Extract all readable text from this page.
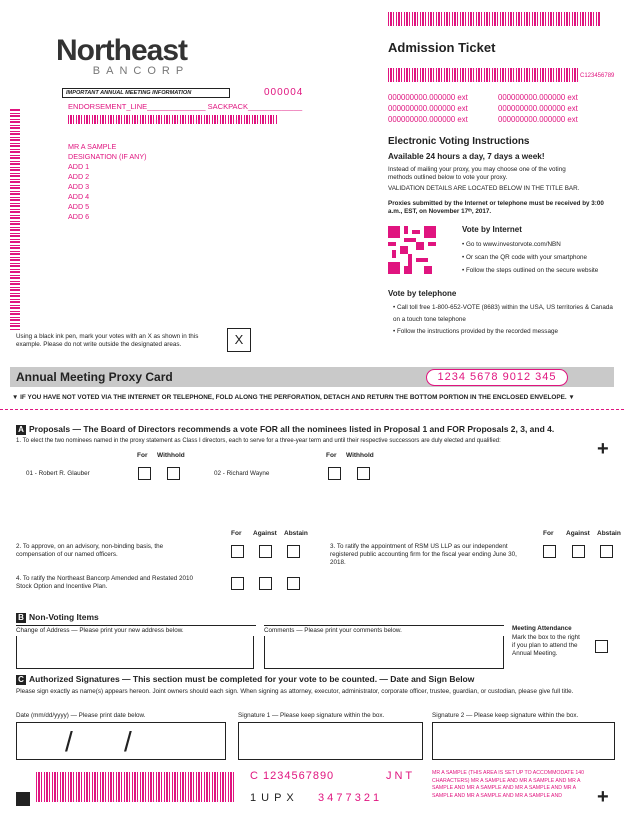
Northeast
BANCORP
IMPORTANT ANNUAL MEETING INFORMATION	000004
ENDORSEMENT_LINE______________ SACKPACK_____________
MR A SAMPLE
DESIGNATION (IF ANY)
ADD 1
ADD 2
ADD 3
ADD 4
ADD 5
ADD 6
Admission Ticket
C123456789
000000000.000000 ext	000000000.000000 ext
000000000.000000 ext	000000000.000000 ext
000000000.000000 ext	000000000.000000 ext
Electronic Voting Instructions
Available 24 hours a day, 7 days a week!
Instead of mailing your proxy, you may choose one of the voting methods outlined below to vote your proxy.
VALIDATION DETAILS ARE LOCATED BELOW IN THE TITLE BAR.
Proxies submitted by the Internet or telephone must be received by 3:00 a.m., EST, on November 17ᵗʰ, 2017.
Vote by Internet
• Go to www.investorvote.com/NBN
• Or scan the QR code with your smartphone
• Follow the steps outlined on the secure website
Vote by telephone
• Call toll free 1-800-652-VOTE (8683) within the USA, US territories & Canada on a touch tone telephone
• Follow the instructions provided by the recorded message
Using a black ink pen, mark your votes with an X as shown in this example. Please do not write outside the designated areas.	X
Annual Meeting Proxy Card	1234 5678 9012 345
▼ IF YOU HAVE NOT VOTED VIA THE INTERNET OR TELEPHONE, FOLD ALONG THE PERFORATION, DETACH AND RETURN THE BOTTOM PORTION IN THE ENCLOSED ENVELOPE. ▼
A Proposals — The Board of Directors recommends a vote FOR all the nominees listed in Proposal 1 and FOR Proposals 2, 3, and 4.
1. To elect the two nominees named in the proxy statement as Class I directors, each to serve for a three-year term and until their respective successors are duly elected and qualified:	+
For Withhold	For Withhold
01 - Robert R. Glauber	02 - Richard Wayne
For Against Abstain	For Against Abstain
2. To approve, on an advisory, non-binding basis, the compensation of our named officers.
3. To ratify the appointment of RSM US LLP as our independent registered public accounting firm for the fiscal year ending June 30, 2018.
4. To ratify the Northeast Bancorp Amended and Restated 2010 Stock Option and Incentive Plan.
B Non-Voting Items
Change of Address — Please print your new address below.	Comments — Please print your comments below.	Meeting Attendance
Mark the box to the right if you plan to attend the Annual Meeting.
C Authorized Signatures — This section must be completed for your vote to be counted. — Date and Sign Below
Please sign exactly as name(s) appears hereon. Joint owners should each sign. When signing as attorney, executor, administrator, corporate officer, trustee, guardian, or custodian, please give full title.
Date (mm/dd/yyyy) — Please print date below.
/ /
Signature 1 — Please keep signature within the box.	Signature 2 — Please keep signature within the box.
C 1234567890	J N T
1 U P X 3 4 7 7 3 2 1
MR A SAMPLE (THIS AREA IS SET UP TO ACCOMMODATE 140 CHARACTERS) MR A SAMPLE AND MR A SAMPLE AND MR A SAMPLE AND MR A SAMPLE AND MR A SAMPLE AND MR A SAMPLE AND MR A SAMPLE AND MR A SAMPLE AND	+
